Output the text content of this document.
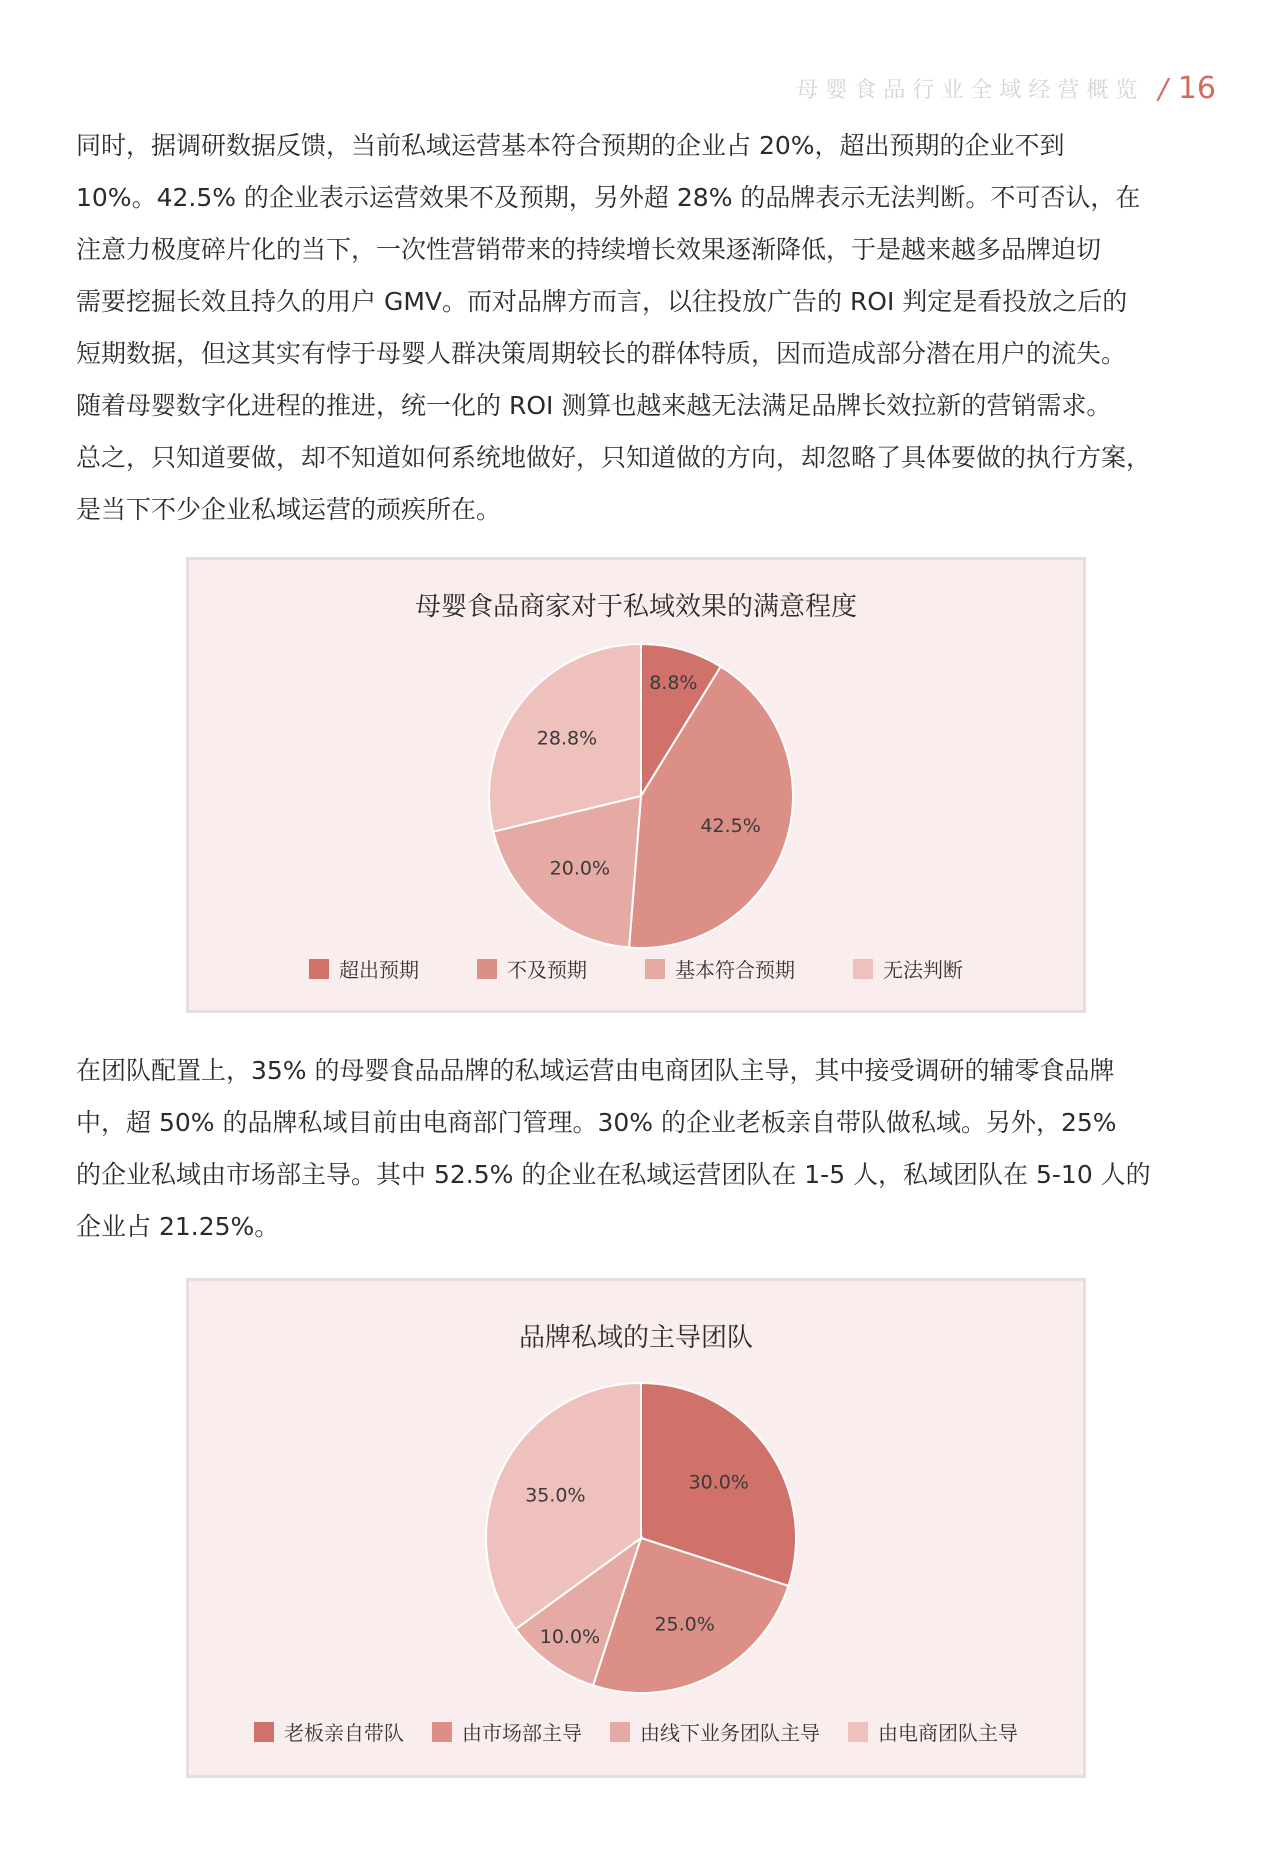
母婴食品行业全域经营概览 / 16
同时，据调研数据反馈，当前私域运营基本符合预期的企业占 20%，超出预期的企业不到
10%。42.5% 的企业表示运营效果不及预期，另外超 28% 的品牌表示无法判断。不可否认，在
注意力极度碎片化的当下，一次性营销带来的持续增长效果逐渐降低，于是越来越多品牌迫切
需要挖掘长效且持久的用户 GMV。而对品牌方而言，以往投放广告的 ROI 判定是看投放之后的
短期数据，但这其实有悖于母婴人群决策周期较长的群体特质，因而造成部分潜在用户的流失。
随着母婴数字化进程的推进，统一化的 ROI 测算也越来越无法满足品牌长效拉新的营销需求。
总之，只知道要做，却不知道如何系统地做好，只知道做的方向，却忽略了具体要做的执行方案，
是当下不少企业私域运营的顽疾所在。
母婴食品商家对于私域效果的满意程度
8.8%
42.5%
20.0%
28.8%
超出预期	不及预期	基本符合预期	无法判断
在团队配置上，35% 的母婴食品品牌的私域运营由电商团队主导，其中接受调研的辅零食品牌
中，超 50% 的品牌私域目前由电商部门管理。30% 的企业老板亲自带队做私域。另外，25%
的企业私域由市场部主导。其中 52.5% 的企业在私域运营团队在 1-5 人，私域团队在 5-10 人的
企业占 21.25%。
品牌私域的主导团队
30.0%
25.0%
10.0%
35.0%
老板亲自带队	由市场部主导	由线下业务团队主导	由电商团队主导
